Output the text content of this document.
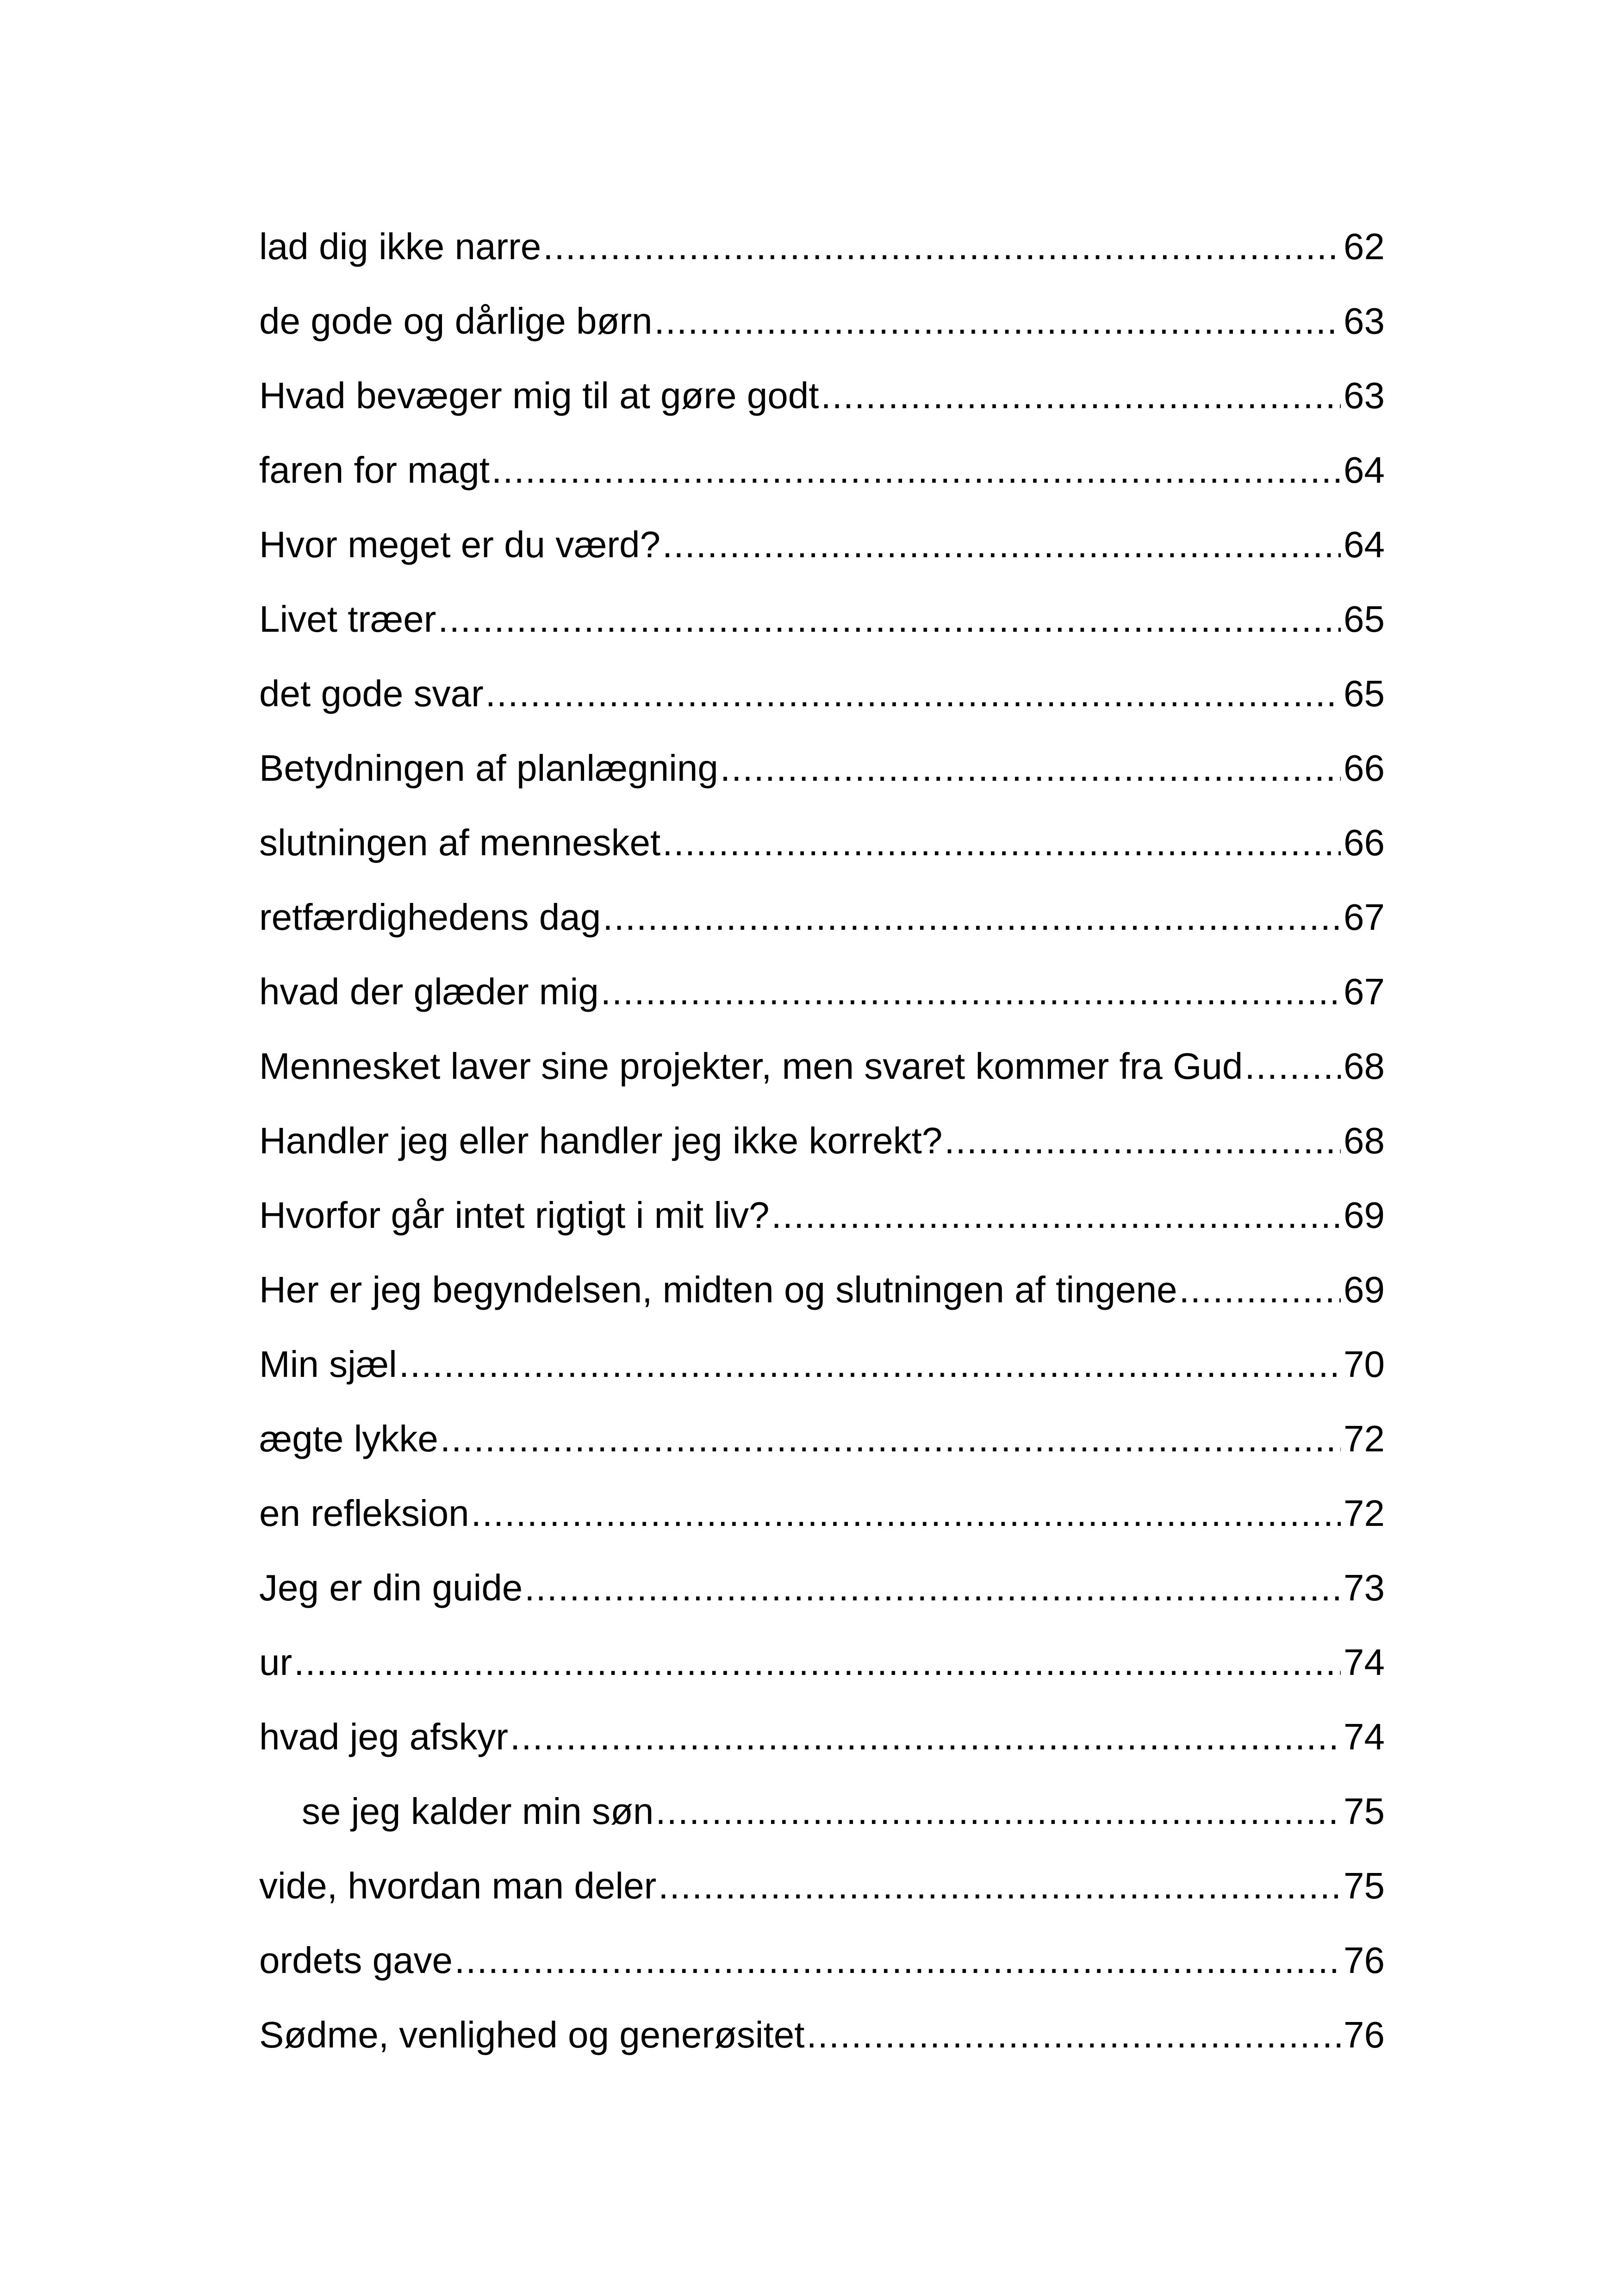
lad dig ikke narre .....	62
de gode og dårlige børn .....	63
Hvad bevæger mig til at gøre godt .....	63
faren for magt .....	64
Hvor meget er du værd? .....	64
Livet træer .....	65
det gode svar .....	65
Betydningen af planlægning .....	66
slutningen af mennesket .....	66
retfærdighedens dag .....	67
hvad der glæder mig .....	67
Mennesket laver sine projekter, men svaret kommer fra Gud .....	68
Handler jeg eller handler jeg ikke korrekt? .....	68
Hvorfor går intet rigtigt i mit liv? .....	69
Her er jeg begyndelsen, midten og slutningen af tingene .....	69
Min sjæl .....	70
ægte lykke .....	72
en refleksion .....	72
Jeg er din guide .....	73
ur .....	74
hvad jeg afskyr .....	74
se jeg kalder min søn .....	75
vide, hvordan man deler .....	75
ordets gave .....	76
Sødme, venlighed og generøsitet .....	76
